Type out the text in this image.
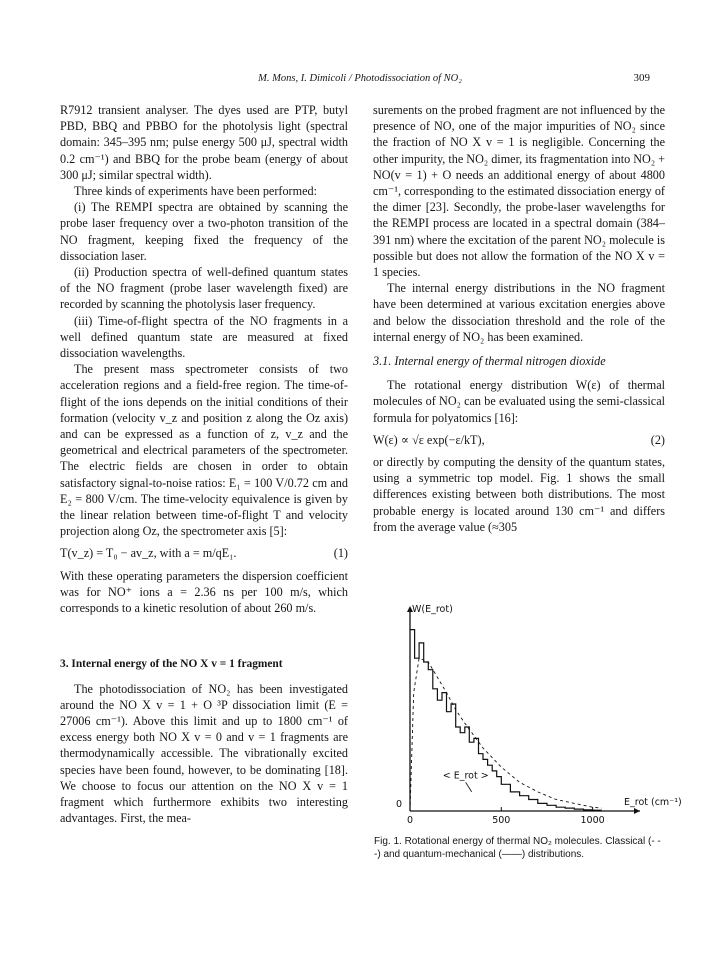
M. Mons, I. Dimicoli / Photodissociation of NO₂	309

R7912 transient analyser. The dyes used are PTP, butyl PBD, BBQ and PBBO for the photolysis light (spectral domain: 345–395 nm; pulse energy 500 μJ, spectral width 0.2 cm⁻¹) and BBQ for the probe beam (energy of about 300 μJ; similar spectral width).

Three kinds of experiments have been performed:

(i) The REMPI spectra are obtained by scanning the probe laser frequency over a two-photon transition of the NO fragment, keeping fixed the frequency of the dissociation laser.

(ii) Production spectra of well-defined quantum states of the NO fragment (probe laser wavelength fixed) are recorded by scanning the photolysis laser frequency.

(iii) Time-of-flight spectra of the NO fragments in a well defined quantum state are measured at fixed dissociation wavelengths.

The present mass spectrometer consists of two acceleration regions and a field-free region. The time-of-flight of the ions depends on the initial conditions of their formation (velocity v_z and position z along the Oz axis) and can be expressed as a function of z, v_z and the geometrical and electrical parameters of the spectrometer. The electric fields are chosen in order to obtain satisfactory signal-to-noise ratios: E₁ = 100 V/0.72 cm and E₂ = 800 V/cm. The time-velocity equivalence is given by the linear relation between time-of-flight T and velocity projection along Oz, the spectrometer axis [5]:

T(v_z) = T₀ − av_z, with a = m/qE₁.	(1)

With these operating parameters the dispersion coefficient was for NO⁺ ions a = 2.36 ns per 100 m/s, which corresponds to a kinetic resolution of about 260 m/s.

3. Internal energy of the NO X v = 1 fragment

The photodissociation of NO₂ has been investigated around the NO X v = 1 + O ³P dissociation limit (E = 27006 cm⁻¹). Above this limit and up to 1800 cm⁻¹ of excess energy both NO X v = 0 and v = 1 fragments are thermodynamically accessible. The vibrationally excited species have been found, however, to be dominating [18]. We choose to focus our attention on the NO X v = 1 fragment which furthermore exhibits two interesting advantages. First, the mea-

surements on the probed fragment are not influenced by the presence of NO, one of the major impurities of NO₂ since the fraction of NO X v = 1 is negligible. Concerning the other impurity, the NO₂ dimer, its fragmentation into NO₂ + NO(v = 1) + O needs an additional energy of about 4800 cm⁻¹, corresponding to the estimated dissociation energy of the dimer [23]. Secondly, the probe-laser wavelengths for the REMPI process are located in a spectral domain (384–391 nm) where the excitation of the parent NO₂ molecule is possible but does not allow the formation of the NO X v = 1 species.

The internal energy distributions in the NO fragment have been determined at various excitation energies above and below the dissociation threshold and the role of the internal energy of NO₂ has been examined.

3.1. Internal energy of thermal nitrogen dioxide

The rotational energy distribution W(ε) of thermal molecules of NO₂ can be evaluated using the semi-classical formula for polyatomics [16]:

W(ε) ∝ √ε exp(−ε/kT),	(2)

or directly by computing the density of the quantum states, using a symmetric top model. Fig. 1 shows the small differences existing between both distributions. The most probable energy is located around 130 cm⁻¹ and differs from the average value (≈305

0	500	1000
0
W(E_rot)
E_rot (cm⁻¹)
< E_rot >
Fig. 1. Rotational energy of thermal NO₂ molecules. Classical (- - -) and quantum-mechanical (——) distributions.
